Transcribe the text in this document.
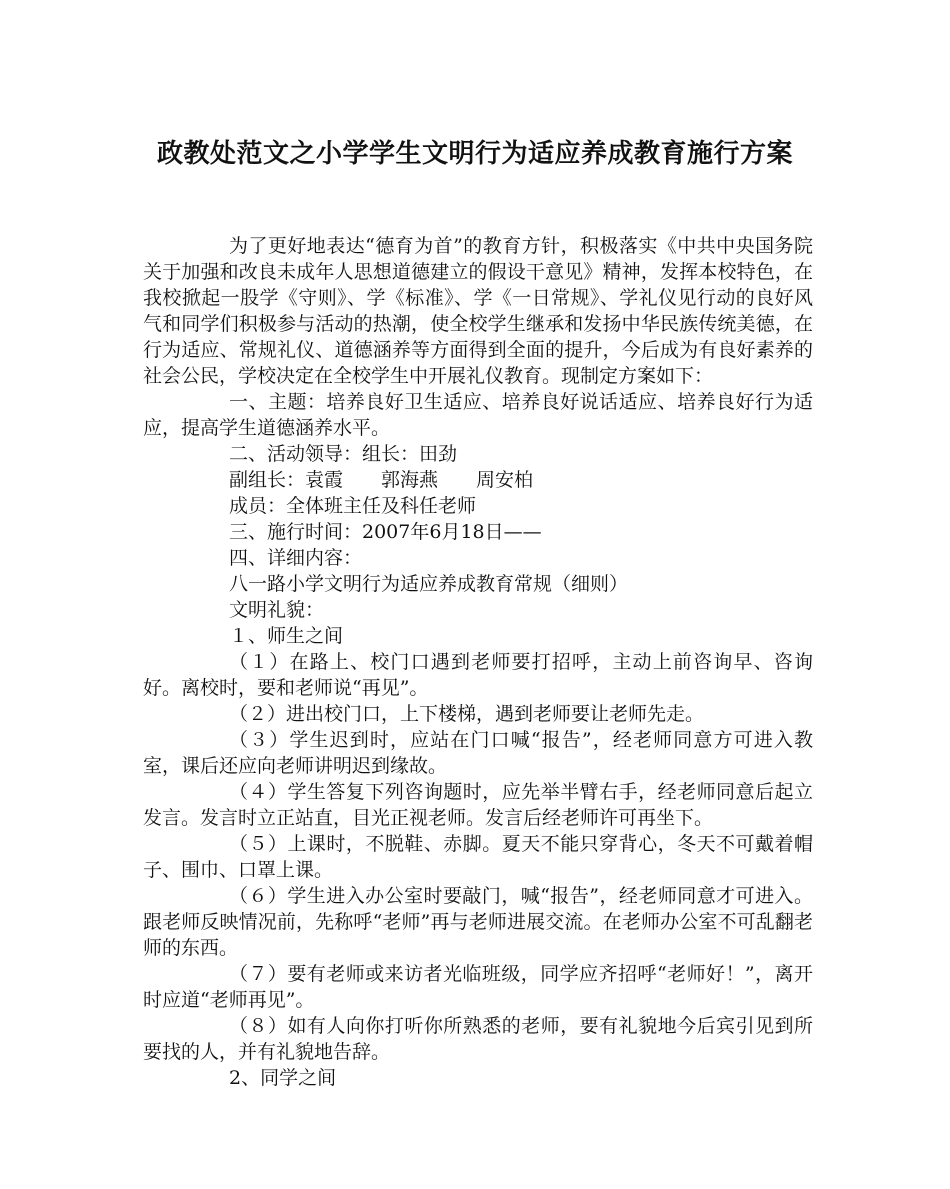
政教处范文之小学学生文明行为适应养成教育施行方案

为了更好地表达“德育为首”的教育方针，积极落实《中共中央国务院关于加强和改良未成年人思想道德建立的假设干意见》精神，发挥本校特色，在我校掀起一股学《守则》、学《标准》、学《一日常规》、学礼仪见行动的良好风气和同学们积极参与活动的热潮，使全校学生继承和发扬中华民族传统美德，在行为适应、常规礼仪、道德涵养等方面得到全面的提升，今后成为有良好素养的社会公民，学校决定在全校学生中开展礼仪教育。现制定方案如下：

一、主题：培养良好卫生适应、培养良好说话适应、培养良好行为适应，提高学生道德涵养水平。

二、活动领导：组长：田劲

副组长：袁霞　　郭海燕　　周安柏

成员：全体班主任及科任老师

三、施行时间：2007年6月18日——

四、详细内容：

八一路小学文明行为适应养成教育常规（细则）

文明礼貌：

１、师生之间

（１）在路上、校门口遇到老师要打招呼，主动上前咨询早、咨询好。离校时，要和老师说“再见”。

（２）进出校门口，上下楼梯，遇到老师要让老师先走。

（３）学生迟到时，应站在门口喊“报告”，经老师同意方可进入教室，课后还应向老师讲明迟到缘故。

（４）学生答复下列咨询题时，应先举半臂右手，经老师同意后起立发言。发言时立正站直，目光正视老师。发言后经老师许可再坐下。

（５）上课时，不脱鞋、赤脚。夏天不能只穿背心，冬天不可戴着帽子、围巾、口罩上课。

（６）学生进入办公室时要敲门，喊“报告”，经老师同意才可进入。跟老师反映情况前，先称呼“老师”再与老师进展交流。在老师办公室不可乱翻老师的东西。

（７）要有老师或来访者光临班级，同学应齐招呼“老师好！”，离开时应道“老师再见”。

（８）如有人向你打听你所熟悉的老师，要有礼貌地今后宾引见到所要找的人，并有礼貌地告辞。

2、同学之间
